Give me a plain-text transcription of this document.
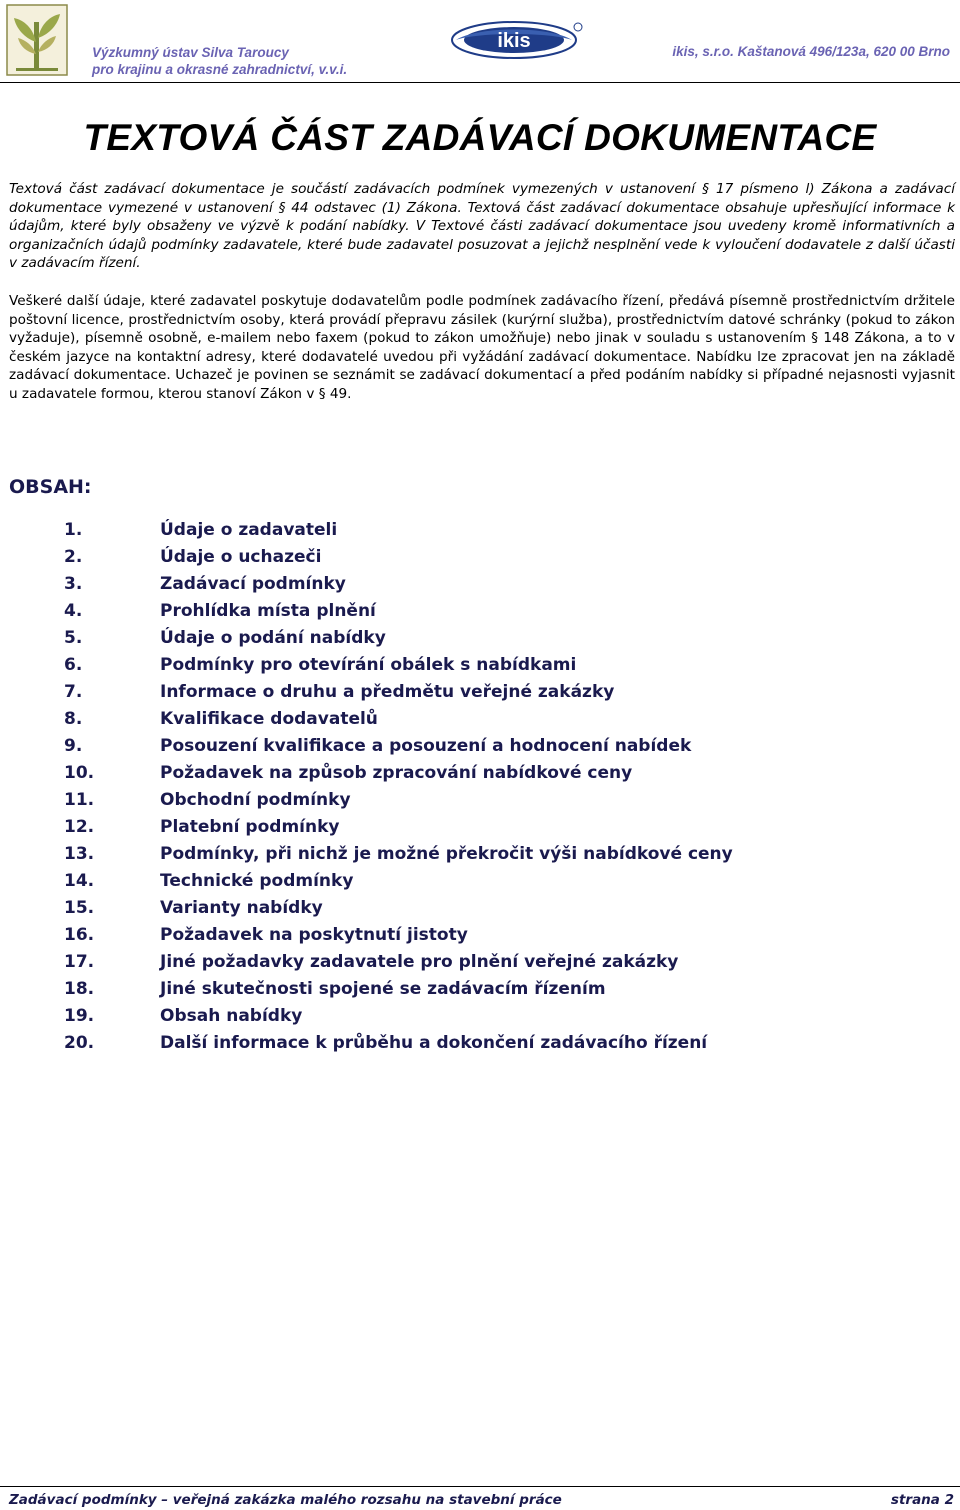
Výzkumný ústav Silva Taroucy
pro krajinu a okrasné zahradnictví, v.v.i.
ikis	ikis, s.r.o. Kaštanová 496/123a, 620 00 Brno
TEXTOVÁ ČÁST ZADÁVACÍ DOKUMENTACE

Textová část zadávací dokumentace je součástí zadávacích podmínek vymezených v ustanovení § 17 písmeno l) Zákona a zadávací dokumentace vymezené v ustanovení § 44 odstavec (1) Zákona. Textová část zadávací dokumentace obsahuje upřesňující informace k údajům, které byly obsaženy ve výzvě k podání nabídky. V Textové části zadávací dokumentace jsou uvedeny kromě informativních a organizačních údajů podmínky zadavatele, které bude zadavatel posuzovat a jejichž nesplnění vede k vyloučení dodavatele z další účasti v zadávacím řízení.

Veškeré další údaje, které zadavatel poskytuje dodavatelům podle podmínek zadávacího řízení, předává písemně prostřednictvím držitele poštovní licence, prostřednictvím osoby, která provádí přepravu zásilek (kurýrní služba), prostřednictvím datové schránky (pokud to zákon vyžaduje), písemně osobně, e-mailem nebo faxem (pokud to zákon umožňuje) nebo jinak v souladu s ustanovením § 148 Zákona, a to v českém jazyce na kontaktní adresy, které dodavatelé uvedou při vyžádání zadávací dokumentace. Nabídku lze zpracovat jen na základě zadávací dokumentace. Uchazeč je povinen se seznámit se zadávací dokumentací a před podáním nabídky si případné nejasnosti vyjasnit u zadavatele formou, kterou stanoví Zákon v § 49.

OBSAH:
1.	Údaje o zadavateli
2.	Údaje o uchazeči
3.	Zadávací podmínky
4.	Prohlídka místa plnění
5.	Údaje o podání nabídky
6.	Podmínky pro otevírání obálek s nabídkami
7.	Informace o druhu a předmětu veřejné zakázky
8.	Kvalifikace dodavatelů
9.	Posouzení kvalifikace a posouzení a hodnocení nabídek
10.	Požadavek na způsob zpracování nabídkové ceny
11.	Obchodní podmínky
12.	Platební podmínky
13.	Podmínky, při nichž je možné překročit výši nabídkové ceny
14.	Technické podmínky
15.	Varianty nabídky
16.	Požadavek na poskytnutí jistoty
17.	Jiné požadavky zadavatele pro plnění veřejné zakázky
18.	Jiné skutečnosti spojené se zadávacím řízením
19.	Obsah nabídky
20.	Další informace k průběhu a dokončení zadávacího řízení
Zadávací podmínky – veřejná zakázka malého rozsahu na stavební práce	strana 2
